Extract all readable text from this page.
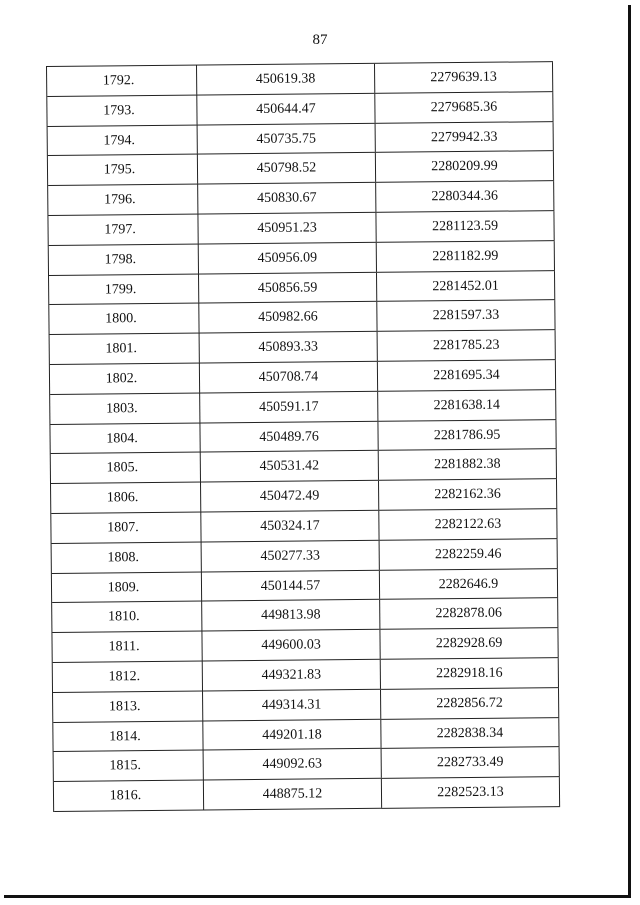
87
1792.	450619.38	2279639.13
1793.	450644.47	2279685.36
1794.	450735.75	2279942.33
1795.	450798.52	2280209.99
1796.	450830.67	2280344.36
1797.	450951.23	2281123.59
1798.	450956.09	2281182.99
1799.	450856.59	2281452.01
1800.	450982.66	2281597.33
1801.	450893.33	2281785.23
1802.	450708.74	2281695.34
1803.	450591.17	2281638.14
1804.	450489.76	2281786.95
1805.	450531.42	2281882.38
1806.	450472.49	2282162.36
1807.	450324.17	2282122.63
1808.	450277.33	2282259.46
1809.	450144.57	2282646.9
1810.	449813.98	2282878.06
1811.	449600.03	2282928.69
1812.	449321.83	2282918.16
1813.	449314.31	2282856.72
1814.	449201.18	2282838.34
1815.	449092.63	2282733.49
1816.	448875.12	2282523.13
